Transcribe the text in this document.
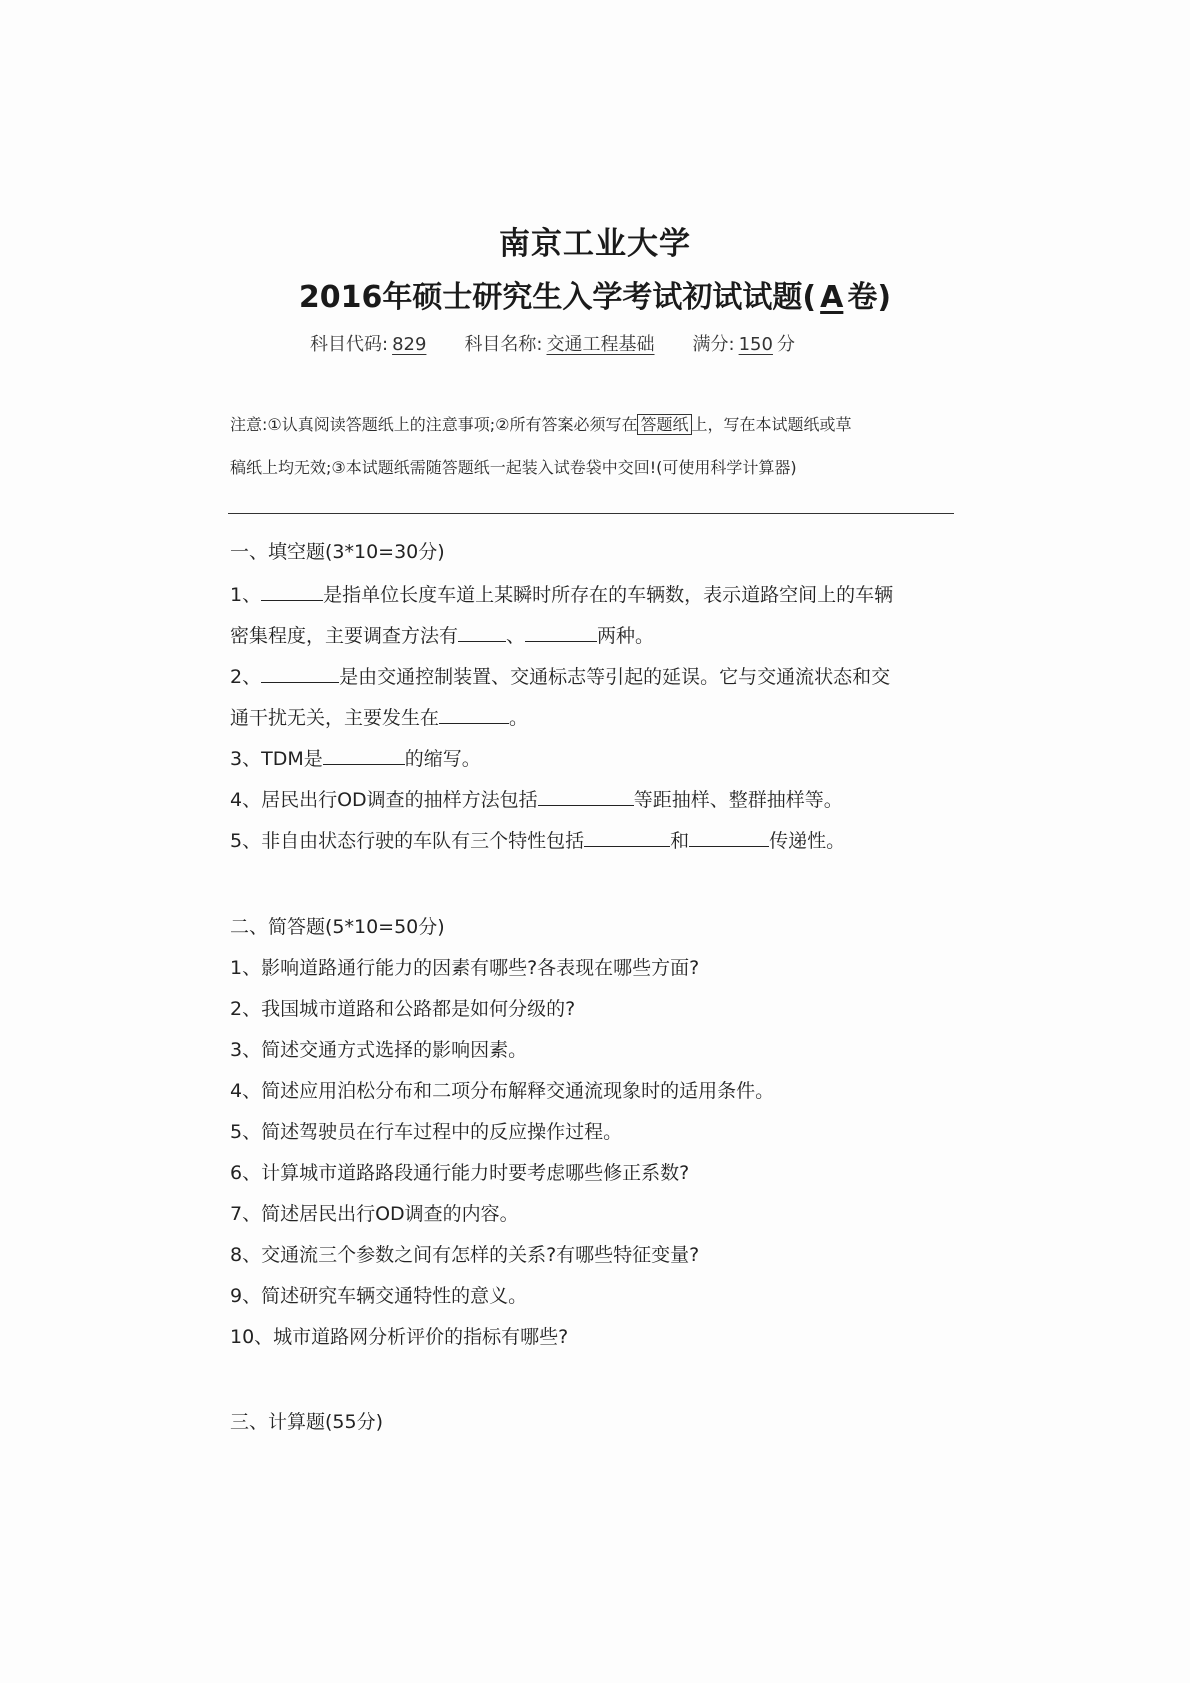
南京工业大学
2016年硕士研究生入学考试初试试题( A 卷)
科目代码: 829 科目名称: 交通工程基础 满分: 150 分
注意:①认真阅读答题纸上的注意事项;②所有答案必须写在 答题纸 上，写在本试题纸或草
稿纸上均无效;③本试题纸需随答题纸一起装入试卷袋中交回!(可使用科学计算器)
一、填空题(3*10=30分)
1、	是指单位长度车道上某瞬时所存在的车辆数，表示道路空间上的车辆
密集程度，主要调查方法有	、	两种。
2、	是由交通控制装置、交通标志等引起的延误。它与交通流状态和交
通干扰无关，主要发生在	。
3、TDM是	的缩写。
4、居民出行OD调查的抽样方法包括	等距抽样、整群抽样等。
5、非自由状态行驶的车队有三个特性包括	和	传递性。
二、简答题(5*10=50分)
1、影响道路通行能力的因素有哪些?各表现在哪些方面?
2、我国城市道路和公路都是如何分级的?
3、简述交通方式选择的影响因素。
4、简述应用泊松分布和二项分布解释交通流现象时的适用条件。
5、简述驾驶员在行车过程中的反应操作过程。
6、计算城市道路路段通行能力时要考虑哪些修正系数?
7、简述居民出行OD调查的内容。
8、交通流三个参数之间有怎样的关系?有哪些特征变量?
9、简述研究车辆交通特性的意义。
10、城市道路网分析评价的指标有哪些?
三、计算题(55分)
